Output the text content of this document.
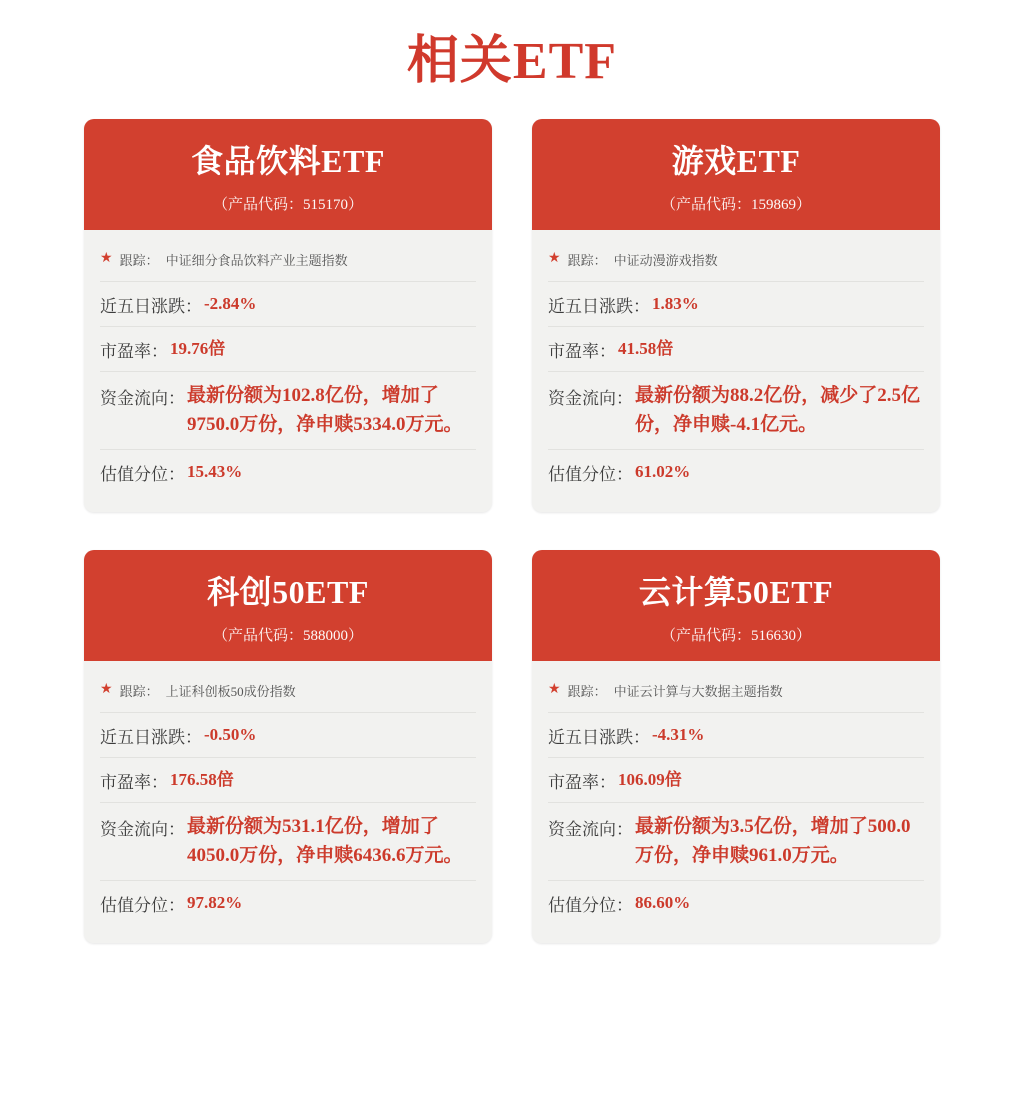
相关ETF
食品饮料ETF
（产品代码：515170）
★ 跟踪： 中证细分食品饮料产业主题指数
近五日涨跌： -2.84%
市盈率： 19.76倍
资金流向： 最新份额为102.8亿份，增加了9750.0万份，净申赎5334.0万元。
估值分位： 15.43%
游戏ETF
（产品代码：159869）
★ 跟踪： 中证动漫游戏指数
近五日涨跌： 1.83%
市盈率： 41.58倍
资金流向： 最新份额为88.2亿份，减少了2.5亿份，净申赎-4.1亿元。
估值分位： 61.02%
科创50ETF
（产品代码：588000）
★ 跟踪： 上证科创板50成份指数
近五日涨跌： -0.50%
市盈率： 176.58倍
资金流向： 最新份额为531.1亿份，增加了4050.0万份，净申赎6436.6万元。
估值分位： 97.82%
云计算50ETF
（产品代码：516630）
★ 跟踪： 中证云计算与大数据主题指数
近五日涨跌： -4.31%
市盈率： 106.09倍
资金流向： 最新份额为3.5亿份，增加了500.0万份，净申赎961.0万元。
估值分位： 86.60%
